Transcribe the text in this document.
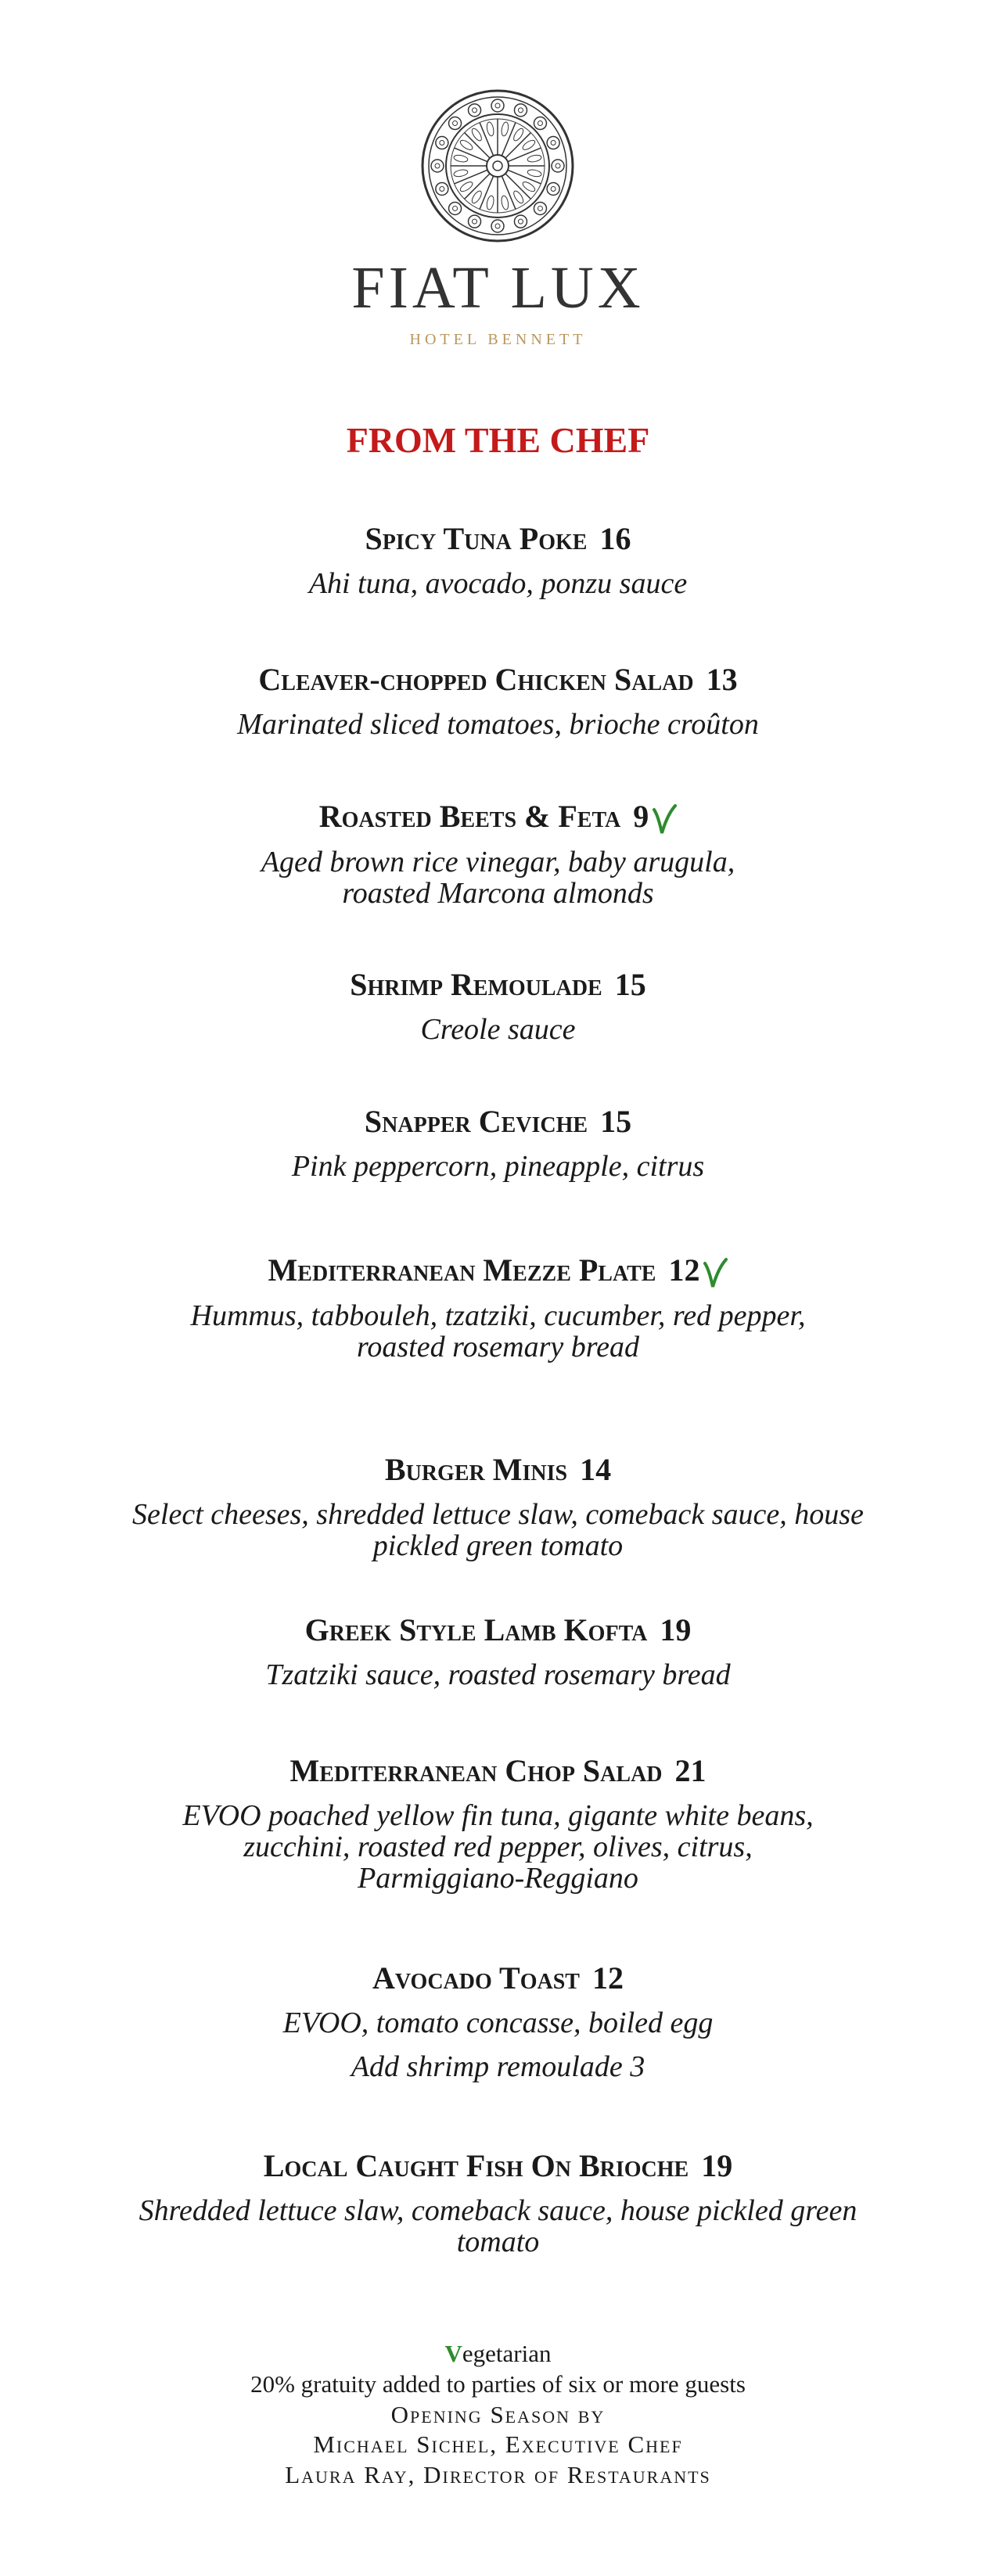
FIAT LUX
HOTEL BENNETT
FROM THE CHEF
Spicy Tuna Poke 16
Ahi tuna, avocado, ponzu sauce
Cleaver-chopped Chicken Salad 13
Marinated sliced tomatoes, brioche croûton
Roasted Beets & Feta 9
Aged brown rice vinegar, baby arugula,
roasted Marcona almonds
Shrimp Remoulade 15
Creole sauce
Snapper Ceviche 15
Pink peppercorn, pineapple, citrus
Mediterranean Mezze Plate 12
Hummus, tabbouleh, tzatziki, cucumber, red pepper,
roasted rosemary bread
Burger Minis 14
Select cheeses, shredded lettuce slaw, comeback sauce, house
pickled green tomato
Greek Style Lamb Kofta 19
Tzatziki sauce, roasted rosemary bread
Mediterranean Chop Salad 21
EVOO poached yellow fin tuna, gigante white beans,
zucchini, roasted red pepper, olives, citrus,
Parmiggiano-Reggiano
Avocado Toast 12
EVOO, tomato concasse, boiled egg
Add shrimp remoulade 3
Local Caught Fish On Brioche 19
Shredded lettuce slaw, comeback sauce, house pickled green
tomato
Vegetarian
20% gratuity added to parties of six or more guests
Opening Season by
Michael Sichel, Executive Chef
Laura Ray, Director of Restaurants
